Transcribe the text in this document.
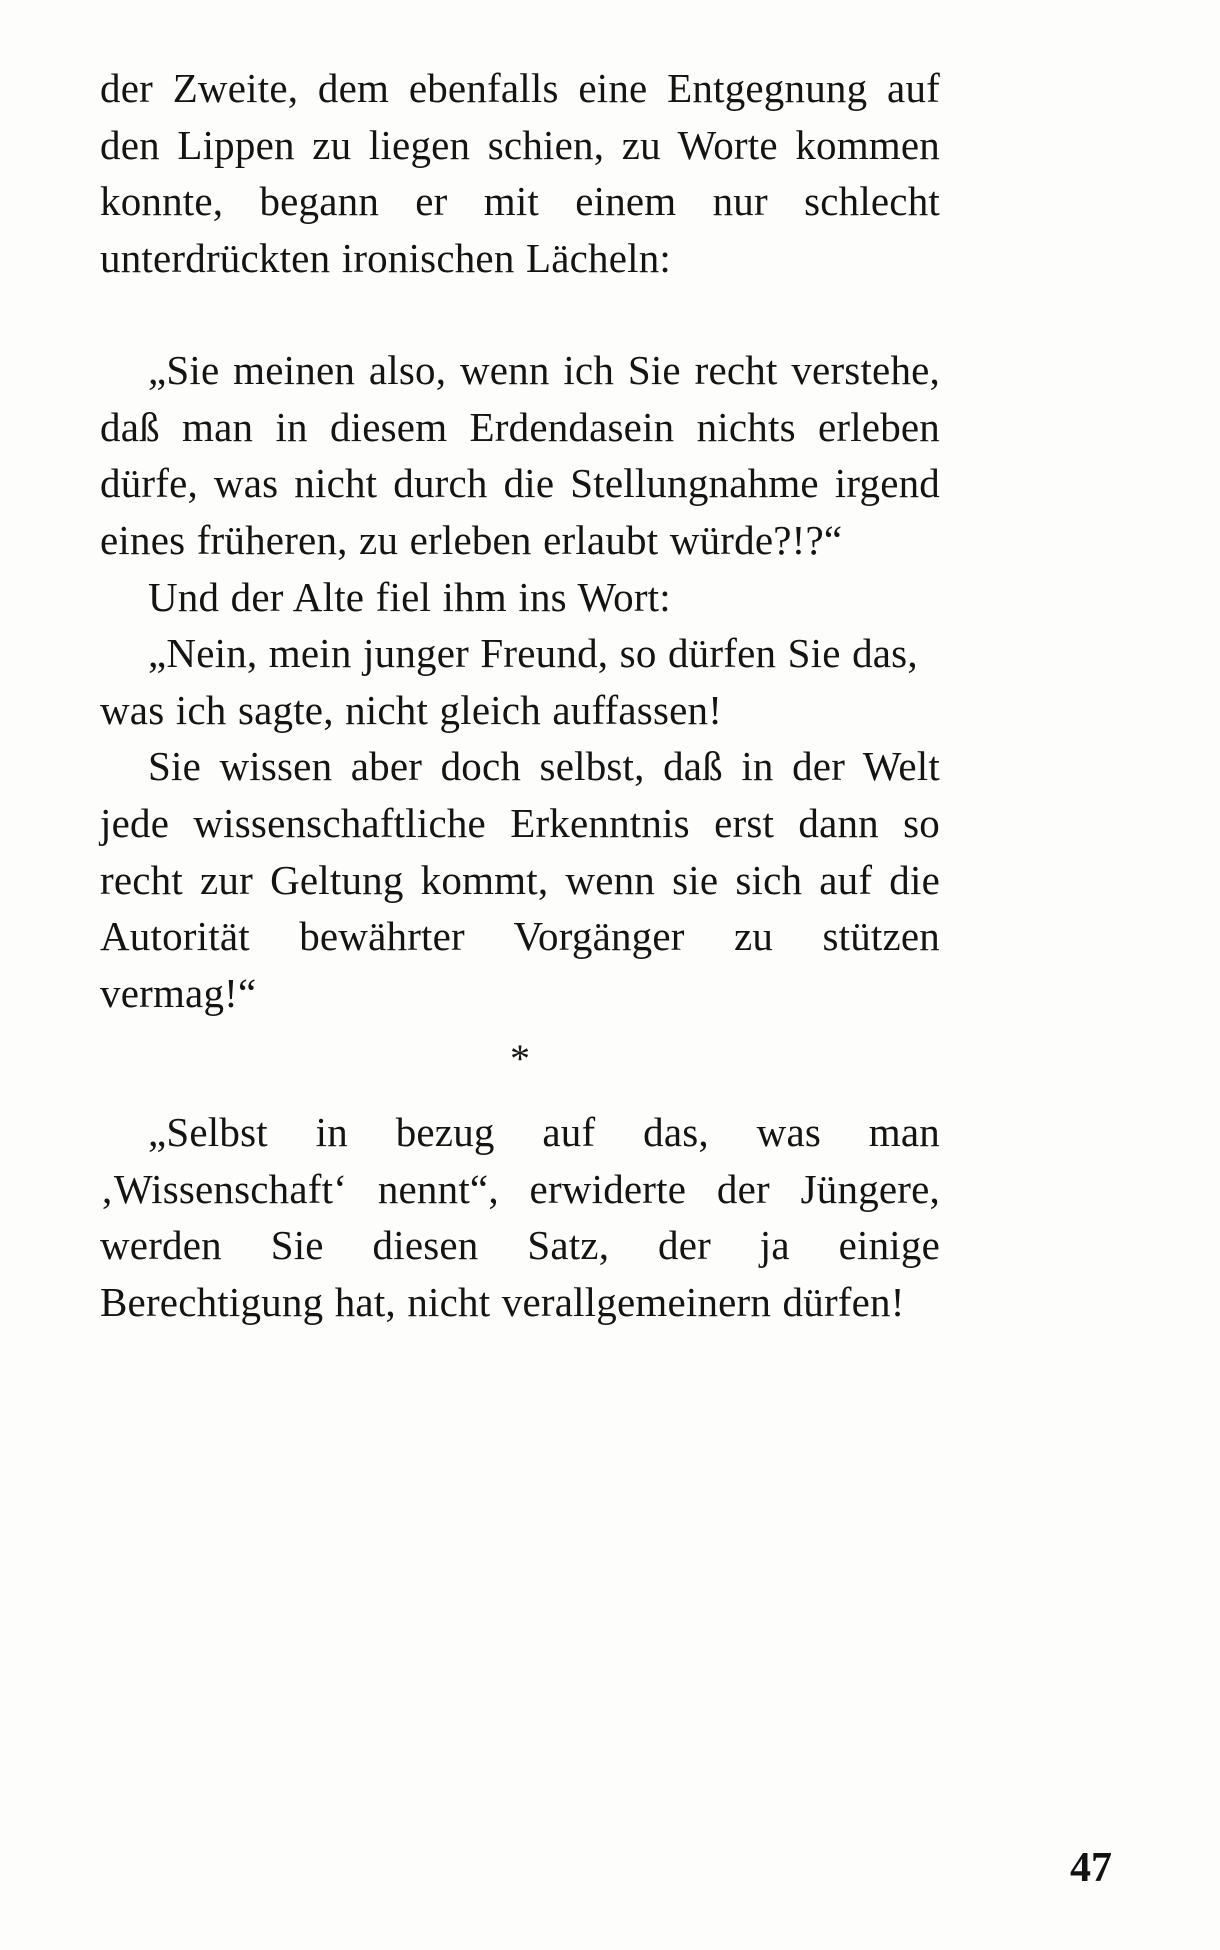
der Zweite, dem ebenfalls eine Entgegnung auf den Lippen zu liegen schien, zu Worte kommen konnte, begann er mit einem nur schlecht unterdrückten ironischen Lächeln:

„Sie meinen also, wenn ich Sie recht verstehe, daß man in diesem Erdendasein nichts erleben dürfe, was nicht durch die Stellungnahme irgend eines früheren, zu erleben erlaubt würde?!?“

Und der Alte fiel ihm ins Wort:

„Nein, mein junger Freund, so dürfen Sie das, was ich sagte, nicht gleich auffassen!

Sie wissen aber doch selbst, daß in der Welt jede wissenschaftliche Erkenntnis erst dann so recht zur Geltung kommt, wenn sie sich auf die Autorität bewährter Vorgänger zu stützen vermag!“

*

„Selbst in bezug auf das, was man ‚Wissenschaft‘ nennt“, erwiderte der Jüngere, werden Sie diesen Satz, der ja einige Berechtigung hat, nicht verallgemeinern dürfen!

47
